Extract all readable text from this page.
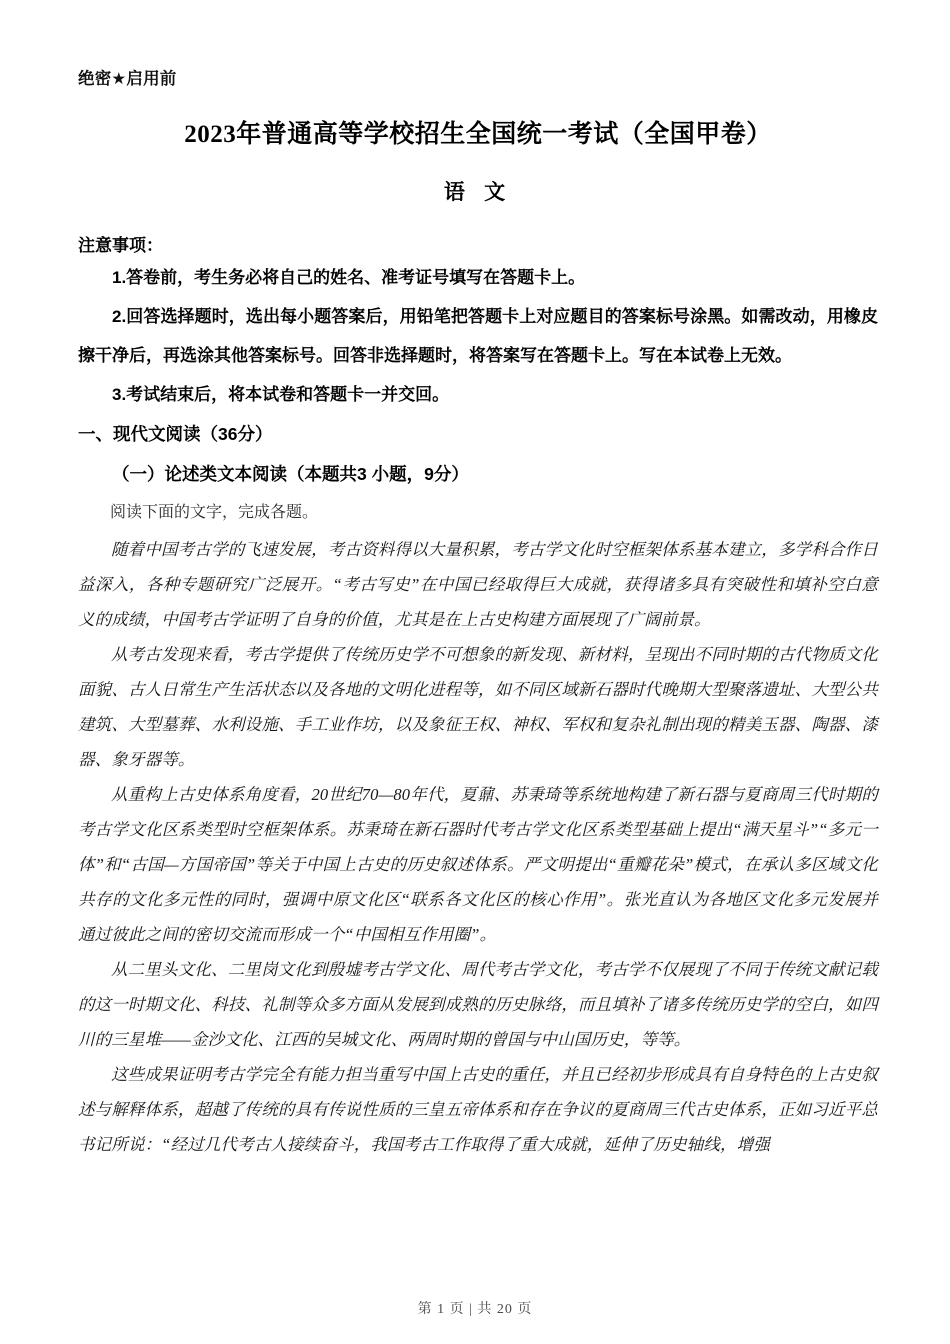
绝密★启用前
2023年普通高等学校招生全国统一考试（全国甲卷）
语 文
注意事项：
1.答卷前，考生务必将自己的姓名、准考证号填写在答题卡上。
2.回答选择题时，选出每小题答案后，用铅笔把答题卡上对应题目的答案标号涂黑。如需改动，用橡皮擦干净后，再选涂其他答案标号。回答非选择题时，将答案写在答题卡上。写在本试卷上无效。
3.考试结束后，将本试卷和答题卡一并交回。
一、现代文阅读（36分）
（一）论述类文本阅读（本题共3 小题，9分）
阅读下面的文字，完成各题。

随着中国考古学的飞速发展，考古资料得以大量积累，考古学文化时空框架体系基本建立，多学科合作日益深入，各种专题研究广泛展开。“考古写史”在中国已经取得巨大成就，获得诸多具有突破性和填补空白意义的成绩，中国考古学证明了自身的价值，尤其是在上古史构建方面展现了广阔前景。

从考古发现来看，考古学提供了传统历史学不可想象的新发现、新材料，呈现出不同时期的古代物质文化面貌、古人日常生产生活状态以及各地的文明化进程等，如不同区域新石器时代晚期大型聚落遗址、大型公共建筑、大型墓葬、水利设施、手工业作坊，以及象征王权、神权、军权和复杂礼制出现的精美玉器、陶器、漆器、象牙器等。

从重构上古史体系角度看，20世纪70—80年代，夏鼐、苏秉琦等系统地构建了新石器与夏商周三代时期的考古学文化区系类型时空框架体系。苏秉琦在新石器时代考古学文化区系类型基础上提出“满天星斗”“多元一体”和“古国—方国帝国”等关于中国上古史的历史叙述体系。严文明提出“重瓣花朵”模式，在承认多区域文化共存的文化多元性的同时，强调中原文化区“联系各文化区的核心作用”。张光直认为各地区文化多元发展并通过彼此之间的密切交流而形成一个“中国相互作用圈”。

从二里头文化、二里岗文化到殷墟考古学文化、周代考古学文化，考古学不仅展现了不同于传统文献记载的这一时期文化、科技、礼制等众多方面从发展到成熟的历史脉络，而且填补了诸多传统历史学的空白，如四川的三星堆——金沙文化、江西的吴城文化、两周时期的曾国与中山国历史，等等。

这些成果证明考古学完全有能力担当重写中国上古史的重任，并且已经初步形成具有自身特色的上古史叙述与解释体系，超越了传统的具有传说性质的三皇五帝体系和存在争议的夏商周三代古史体系，正如习近平总书记所说：“经过几代考古人接续奋斗，我国考古工作取得了重大成就，延伸了历史轴线，增强

第 1 页 | 共 20 页
